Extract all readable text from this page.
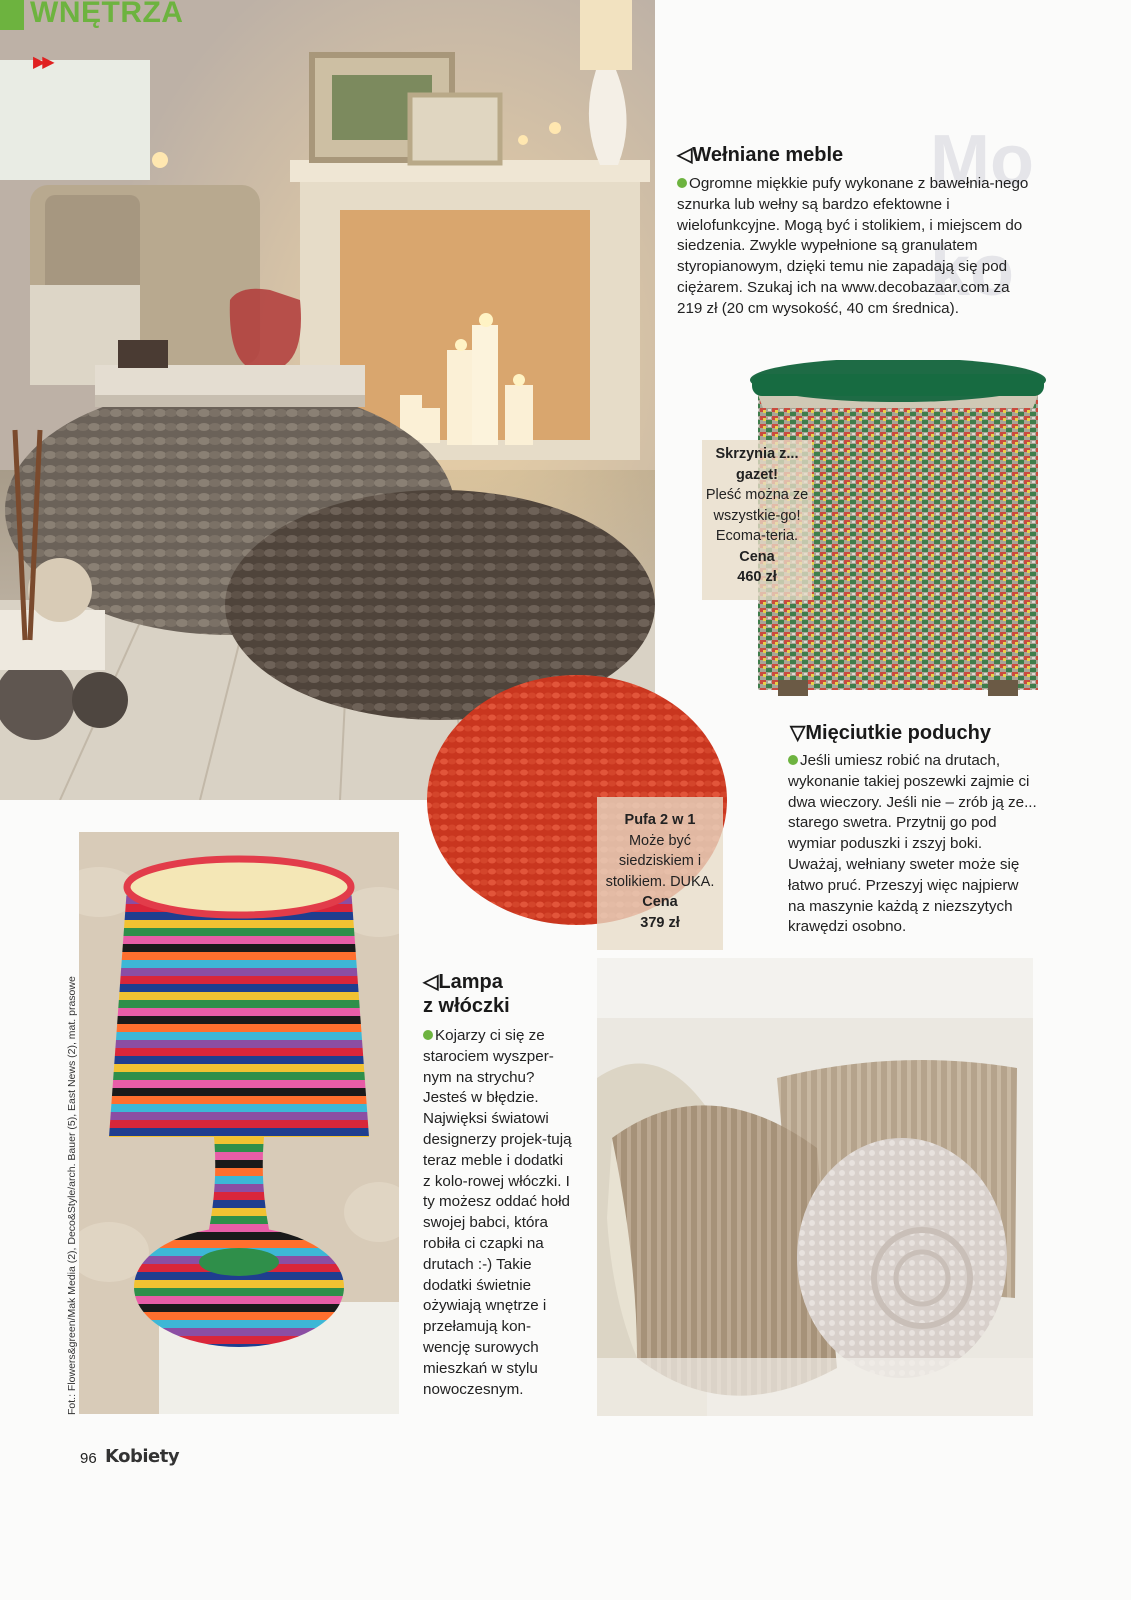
Mo
ko
WNĘTRZA
▶▶
◁Wełniane meble
Ogromne miękkie pufy wykonane z bawełnia-nego sznurka lub wełny są bardzo efektowne i wielofunkcyjne. Mogą być i stolikiem, i miejscem do siedzenia. Zwykle wypełnione są granulatem styropianowym, dzięki temu nie zapadają się pod ciężarem. Szukaj ich na www.decobazaar.com za 219 zł (20 cm wysokość, 40 cm średnica).
Skrzynia z... gazet!
Pleść można ze wszystkie-go! Ecoma-teria. Cena
460 zł
Pufa 2 w 1
Może być siedziskiem i stolikiem. DUKA. Cena
379 zł
▽Mięciutkie poduchy
Jeśli umiesz robić na drutach, wykonanie takiej poszewki zajmie ci dwa wieczory. Jeśli nie – zrób ją ze... starego swetra. Przytnij go pod wymiar poduszki i zszyj boki. Uważaj, wełniany sweter może się łatwo pruć. Przeszyj więc najpierw na maszynie każdą z niezszytych krawędzi osobno.
◁Lampa
z włóczki
Kojarzy ci się ze starociem wyszper-nym na strychu? Jesteś w błędzie. Najwięksi światowi designerzy projek-tują teraz meble i dodatki z kolo-rowej włóczki. I ty możesz oddać hołd swojej babci, która robiła ci czapki na drutach :-) Takie dodatki świetnie ożywiają wnętrze i przełamują kon-wencję surowych mieszkań w stylu nowoczesnym.
Fot.: Flowers&green/Mak Media (2), Deco&Style/arch. Bauer (5), East News (2), mat. prasowe
96 Kobiety
